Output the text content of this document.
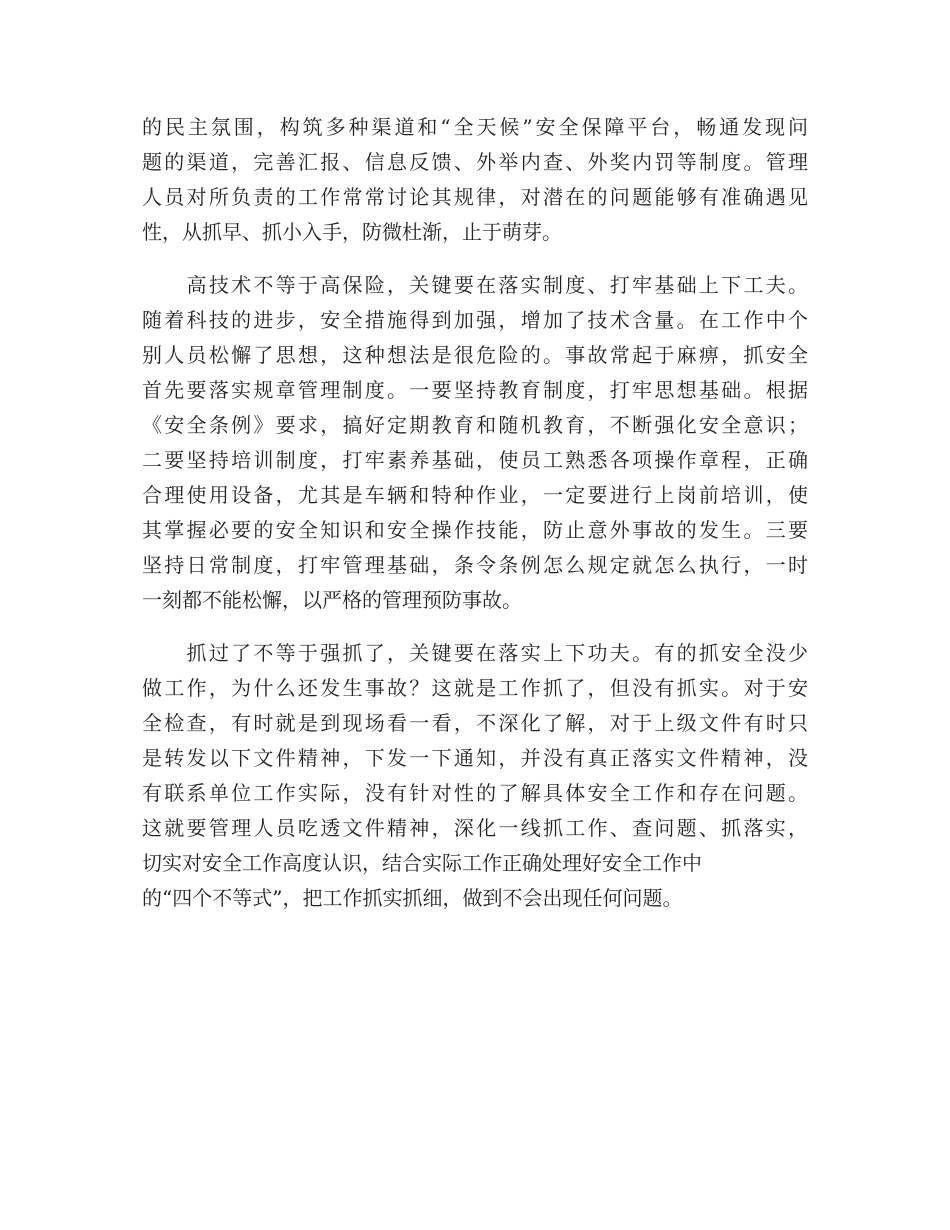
的民主氛围，构筑多种渠道和“全天候”安全保障平台，畅通发现问
题的渠道，完善汇报、信息反馈、外举内查、外奖内罚等制度。管理
人员对所负责的工作常常讨论其规律，对潜在的问题能够有准确遇见
性，从抓早、抓小入手，防微杜渐，止于萌芽。
　　高技术不等于高保险，关键要在落实制度、打牢基础上下工夫。
随着科技的进步，安全措施得到加强，增加了技术含量。在工作中个
别人员松懈了思想，这种想法是很危险的。事故常起于麻痹，抓安全
首先要落实规章管理制度。一要坚持教育制度，打牢思想基础。根据
《安全条例》要求，搞好定期教育和随机教育，不断强化安全意识；
二要坚持培训制度，打牢素养基础，使员工熟悉各项操作章程，正确
合理使用设备，尤其是车辆和特种作业，一定要进行上岗前培训，使
其掌握必要的安全知识和安全操作技能，防止意外事故的发生。三要
坚持日常制度，打牢管理基础，条令条例怎么规定就怎么执行，一时
一刻都不能松懈，以严格的管理预防事故。
　　抓过了不等于强抓了，关键要在落实上下功夫。有的抓安全没少
做工作，为什么还发生事故？这就是工作抓了，但没有抓实。对于安
全检查，有时就是到现场看一看，不深化了解，对于上级文件有时只
是转发以下文件精神，下发一下通知，并没有真正落实文件精神，没
有联系单位工作实际，没有针对性的了解具体安全工作和存在问题。
这就要管理人员吃透文件精神，深化一线抓工作、查问题、抓落实，
切实对安全工作高度认识，结合实际工作正确处理好安全工作中
的“四个不等式”，把工作抓实抓细，做到不会出现任何问题。
